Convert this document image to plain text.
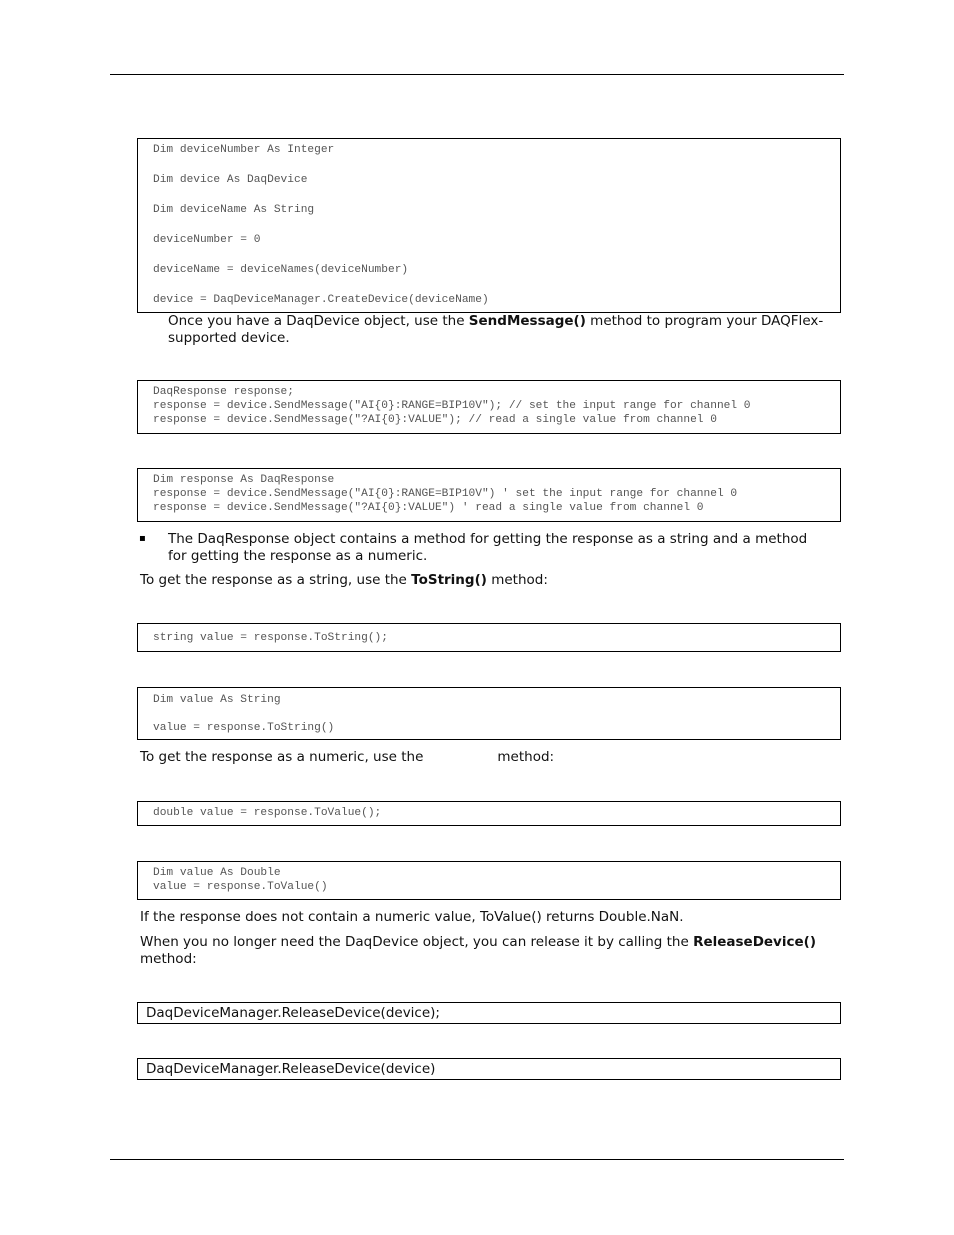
Dim deviceNumber As Integer
Dim device As DaqDevice
Dim deviceName As String
deviceNumber = 0
deviceName = deviceNames(deviceNumber)
device = DaqDeviceManager.CreateDevice(deviceName)
Once you have a DaqDevice object, use the SendMessage() method to program your DAQFlex-supported device.
DaqResponse response;
response = device.SendMessage("AI{0}:RANGE=BIP10V"); // set the input range for channel 0
response = device.SendMessage("?AI{0}:VALUE"); // read a single value from channel 0
Dim response As DaqResponse
response = device.SendMessage("AI{0}:RANGE=BIP10V") ' set the input range for channel 0
response = device.SendMessage("?AI{0}:VALUE") ' read a single value from channel 0
▪ The DaqResponse object contains a method for getting the response as a string and a method for getting the response as a numeric.
To get the response as a string, use the ToString() method:
string value = response.ToString();
Dim value As String
value = response.ToString()
To get the response as a numeric, use the	method:
double value = response.ToValue();
Dim value As Double
value = response.ToValue()
If the response does not contain a numeric value, ToValue() returns Double.NaN.
When you no longer need the DaqDevice object, you can release it by calling the ReleaseDevice() method:
DaqDeviceManager.ReleaseDevice(device);
DaqDeviceManager.ReleaseDevice(device)
